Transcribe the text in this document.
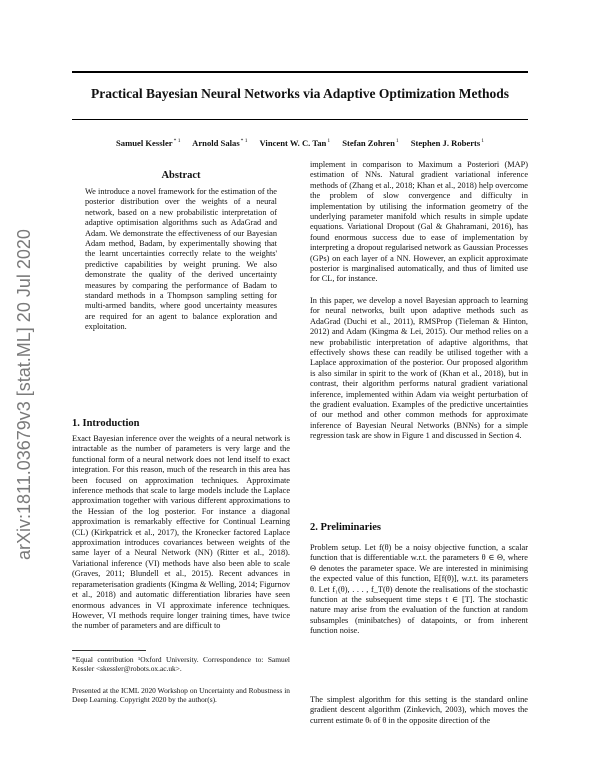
arXiv:1811.03679v3 [stat.ML] 20 Jul 2020
Practical Bayesian Neural Networks via Adaptive Optimization Methods
Samuel Kessler$^{* 1}$ Arnold Salas$^{* 1}$ Vincent W. C. Tan$^1$ Stefan Zohren$^1$ Stephen J. Roberts$^1$
Abstract

We introduce a novel framework for the estimation of the posterior distribution over the weights of a neural network, based on a new probabilistic interpretation of adaptive optimisation algorithms such as AdaGrad and Adam. We demonstrate the effectiveness of our Bayesian Adam method, Badam, by experimentally showing that the learnt uncertainties correctly relate to the weights' predictive capabilities by weight pruning. We also demonstrate the quality of the derived uncertainty measures by comparing the performance of Badam to standard methods in a Thompson sampling setting for multi-armed bandits, where good uncertainty measures are required for an agent to balance exploration and exploitation.

1. Introduction

Exact Bayesian inference over the weights of a neural network is intractable as the number of parameters is very large and the functional form of a neural network does not lend itself to exact integration. For this reason, much of the research in this area has been focused on approximation techniques. Approximate inference methods that scale to large models include the Laplace approximation together with various different approximations to the Hessian of the log posterior. For instance a diagonal approximation is remarkably effective for Continual Learning (CL) (Kirkpatrick et al., 2017), the Kronecker factored Laplace approximation introduces covariances between weights of the same layer of a Neural Network (NN) (Ritter et al., 2018). Variational inference (VI) methods have also been able to scale (Graves, 2011; Blundell et al., 2015). Recent advances in reparameterisation gradients (Kingma & Welling, 2014; Figurnov et al., 2018) and automatic differentiation libraries have seen enormous advances in VI approximate inference techniques. However, VI methods require longer training times, have twice the number of parameters and are difficult to

*Equal contribution ¹Oxford University. Correspondence to: Samuel Kessler <skessler@robots.ox.ac.uk>.

Presented at the ICML 2020 Workshop on Uncertainty and Robustness in Deep Learning. Copyright 2020 by the author(s).

implement in comparison to Maximum a Posteriori (MAP) estimation of NNs. Natural gradient variational inference methods of (Zhang et al., 2018; Khan et al., 2018) help overcome the problem of slow convergence and difficulty in implementation by utilising the information geometry of the underlying parameter manifold which results in simple update equations. Variational Dropout (Gal & Ghahramani, 2016), has found enormous success due to ease of implementation by interpreting a dropout regularised network as Gaussian Processes (GPs) on each layer of a NN. However, an explicit approximate posterior is marginalised automatically, and thus of limited use for CL, for instance.

In this paper, we develop a novel Bayesian approach to learning for neural networks, built upon adaptive methods such as AdaGrad (Duchi et al., 2011), RMSProp (Tieleman & Hinton, 2012) and Adam (Kingma & Lei, 2015). Our method relies on a new probabilistic interpretation of adaptive algorithms, that effectively shows these can readily be utilised together with a Laplace approximation of the posterior. Our proposed algorithm is also similar in spirit to the work of (Khan et al., 2018), but in contrast, their algorithm performs natural gradient variational inference, implemented within Adam via weight perturbation of the gradient evaluation. Examples of the predictive uncertainties of our method and other common methods for approximate inference of Bayesian Neural Networks (BNNs) for a simple regression task are show in Figure 1 and discussed in Section 4.

2. Preliminaries

Problem setup. Let f(θ) be a noisy objective function, a scalar function that is differentiable w.r.t. the parameters θ ∈ Θ, where Θ denotes the parameter space. We are interested in minimising the expected value of this function, E[f(θ)], w.r.t. its parameters θ. Let f₁(θ), . . . , f_T(θ) denote the realisations of the stochastic function at the subsequent time steps t ∈ [T]. The stochastic nature may arise from the evaluation of the function at random subsamples (minibatches) of datapoints, or from inherent function noise.

The simplest algorithm for this setting is the standard online gradient descent algorithm (Zinkevich, 2003), which moves the current estimate θₜ of θ in the opposite direction of the
